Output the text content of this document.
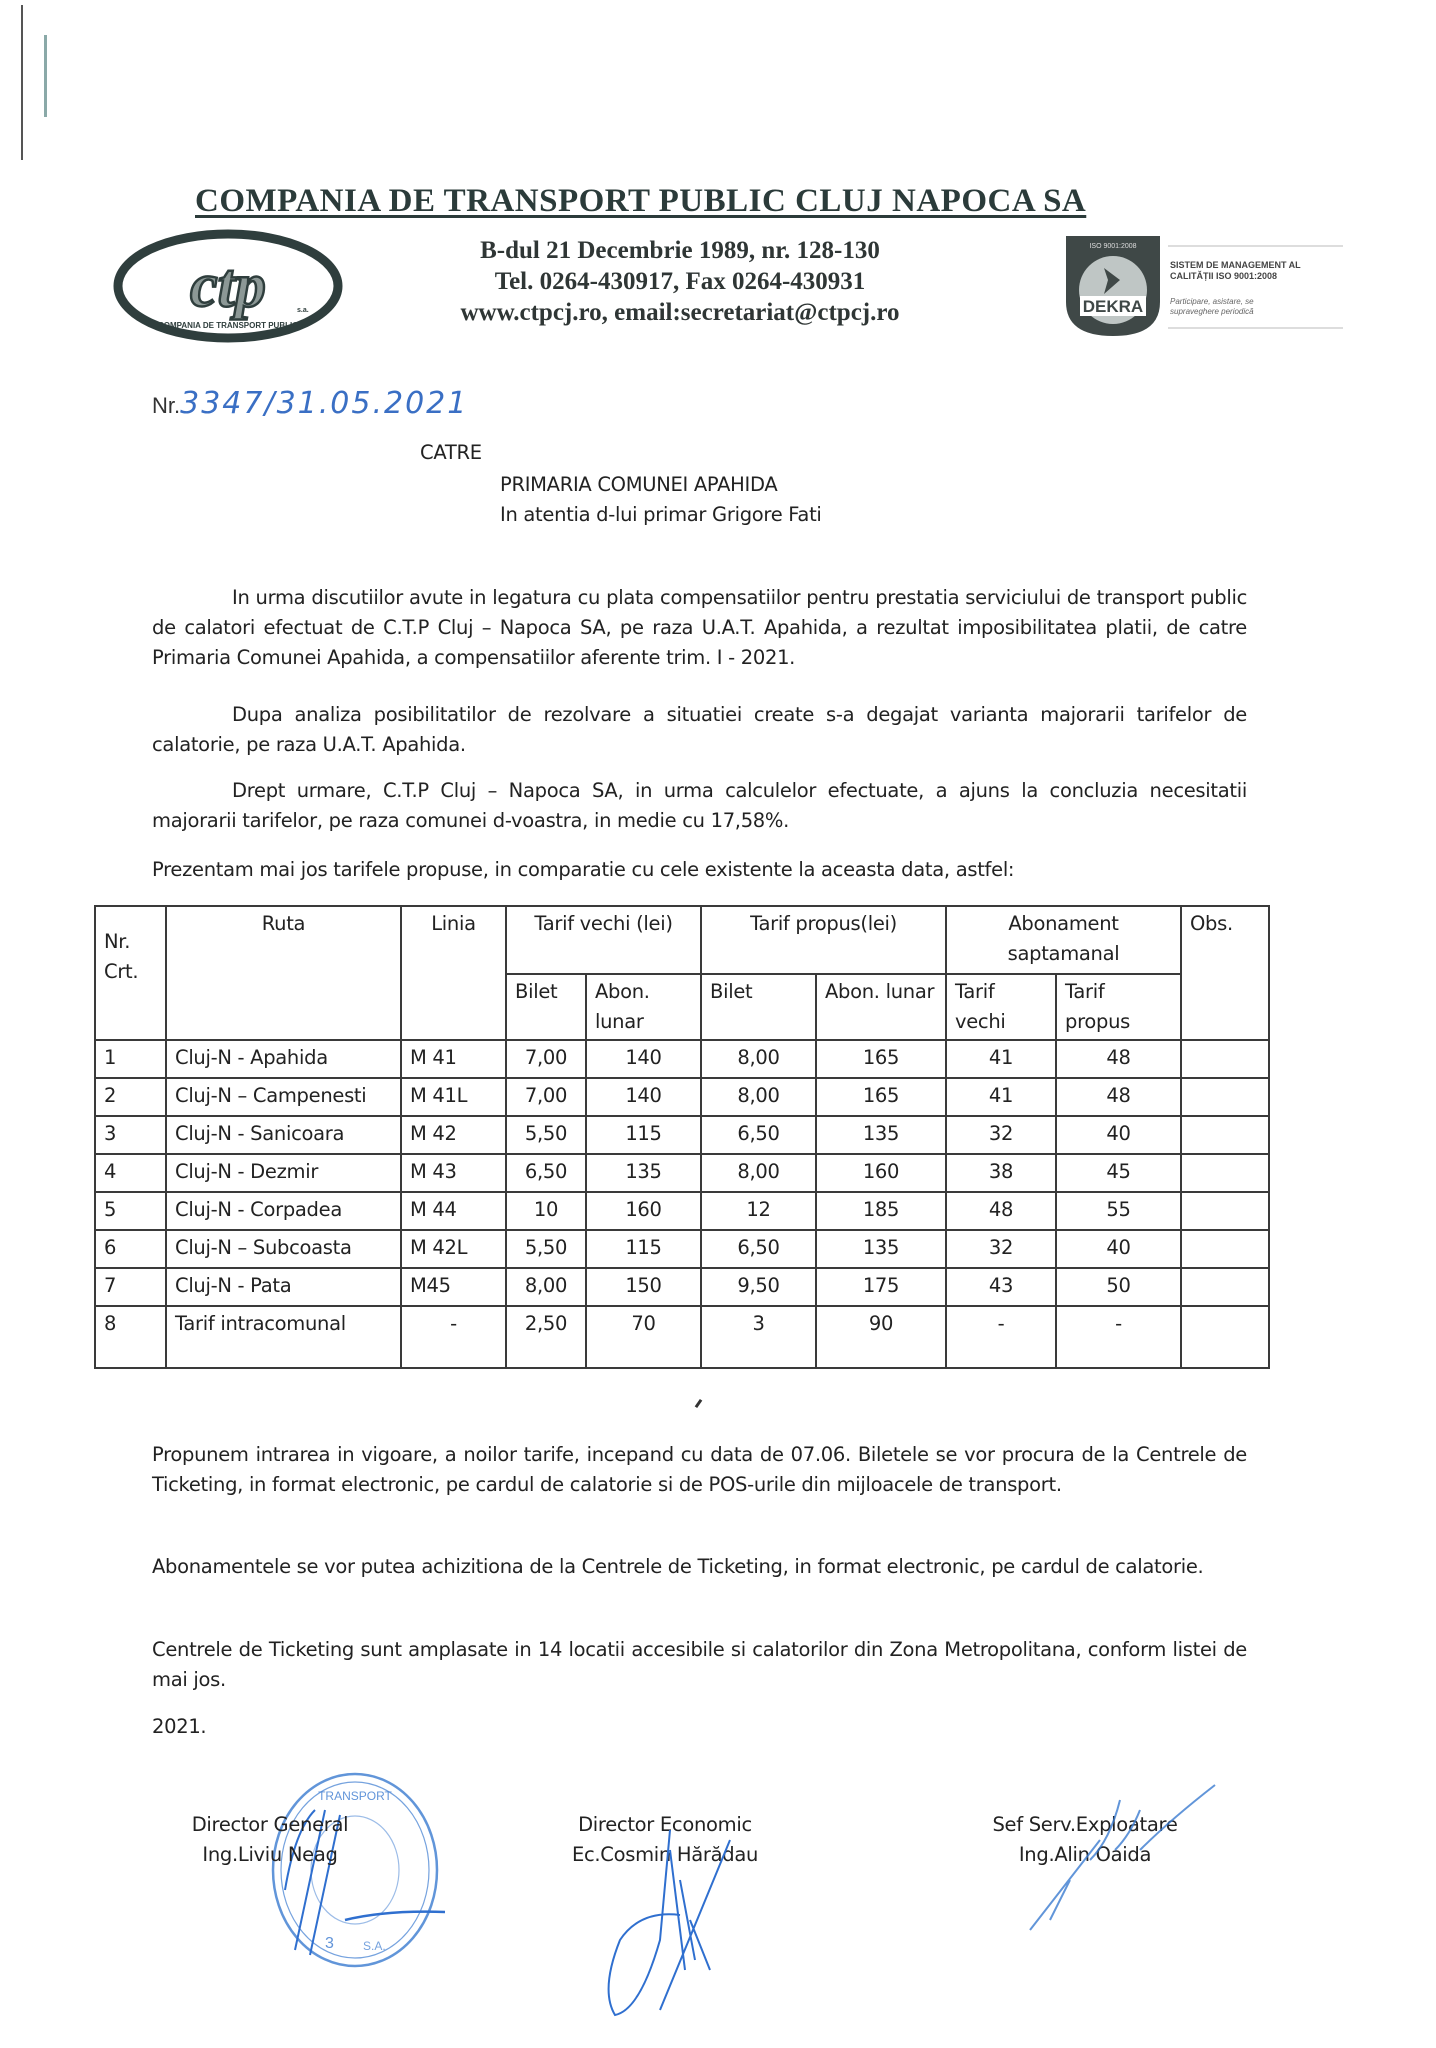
COMPANIA DE TRANSPORT PUBLIC CLUJ NAPOCA SA
ctp
COMPANIA DE TRANSPORT PUBLIC
s.a.
B-dul 21 Decembrie 1989, nr. 128-130
Tel. 0264-430917, Fax 0264-430931
www.ctpcj.ro, email:secretariat@ctpcj.ro	DEKRA
ISO 9001:2008
SISTEM DE MANAGEMENT AL
CALITĂȚII ISO 9001:2008
Participare, asistare, se
supraveghere periodică
Nr.3347/31.05.2021
CATRE
PRIMARIA COMUNEI APAHIDA
In atentia d-lui primar Grigore Fati
In urma discutiilor avute in legatura cu plata compensatiilor pentru prestatia serviciului de transport public de calatori efectuat de C.T.P Cluj – Napoca SA, pe raza U.A.T. Apahida, a rezultat imposibilitatea platii, de catre Primaria Comunei Apahida, a compensatiilor aferente trim. I - 2021.
Dupa analiza posibilitatilor de rezolvare a situatiei create s-a degajat varianta majorarii tarifelor de calatorie, pe raza U.A.T. Apahida.
Drept urmare, C.T.P Cluj – Napoca SA, in urma calculelor efectuate, a ajuns la concluzia necesitatii majorarii tarifelor, pe raza comunei d-voastra, in medie cu 17,58%.
Prezentam mai jos tarifele propuse, in comparatie cu cele existente la aceasta data, astfel:
Nr. Crt.	Ruta	Linia	Tarif vechi (lei)		Tarif propus(lei)		Abonament saptamanal		Obs.
			Bilet	Abon. lunar	Bilet	Abon. lunar	Tarif vechi	Tarif propus	
1	Cluj-N - Apahida	M 41	7,00	140	8,00	165	41	48	
2	Cluj-N – Campenesti	M 41L	7,00	140	8,00	165	41	48	
3	Cluj-N - Sanicoara	M 42	5,50	115	6,50	135	32	40	
4	Cluj-N - Dezmir	M 43	6,50	135	8,00	160	38	45	
5	Cluj-N - Corpadea	M 44	10	160	12	185	48	55	
6	Cluj-N – Subcoasta	M 42L	5,50	115	6,50	135	32	40	
7	Cluj-N - Pata	M45	8,00	150	9,50	175	43	50	
8	Tarif intracomunal	-	2,50	70	3	90	-	-	
Propunem intrarea in vigoare, a noilor tarife, incepand cu data de 07.06. Biletele se vor procura de la Centrele de Ticketing, in format electronic, pe cardul de calatorie si de POS-urile din mijloacele de transport.
Abonamentele se vor putea achizitiona de la Centrele de Ticketing, in format electronic, pe cardul de calatorie.
Centrele de Ticketing sunt amplasate in 14 locatii accesibile si calatorilor din Zona Metropolitana, conform listei de mai jos.
2021.
TRANSPORT
3 S.A.
Director General
Ing.Liviu Neag
Director Economic
Ec.Cosmin Hărădau
Sef Serv.Exploatare
Ing.Alin Oaida
